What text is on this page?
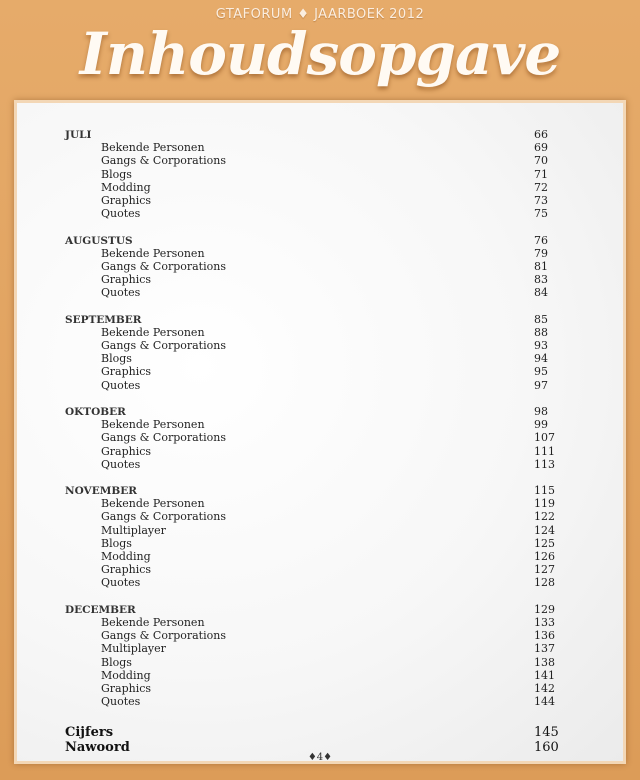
GTAFORUM ♦ JAARBOEK 2012
Inhoudsopgave
JULI	66
Bekende Personen	69
Gangs & Corporations	70
Blogs	71
Modding	72
Graphics	73
Quotes	75
AUGUSTUS	76
Bekende Personen	79
Gangs & Corporations	81
Graphics	83
Quotes	84
SEPTEMBER	85
Bekende Personen	88
Gangs & Corporations	93
Blogs	94
Graphics	95
Quotes	97
OKTOBER	98
Bekende Personen	99
Gangs & Corporations	107
Graphics	111
Quotes	113
NOVEMBER	115
Bekende Personen	119
Gangs & Corporations	122
Multiplayer	124
Blogs	125
Modding	126
Graphics	127
Quotes	128
DECEMBER	129
Bekende Personen	133
Gangs & Corporations	136
Multiplayer	137
Blogs	138
Modding	141
Graphics	142
Quotes	144
Cijfers	145
Nawoord	160
♦4♦
